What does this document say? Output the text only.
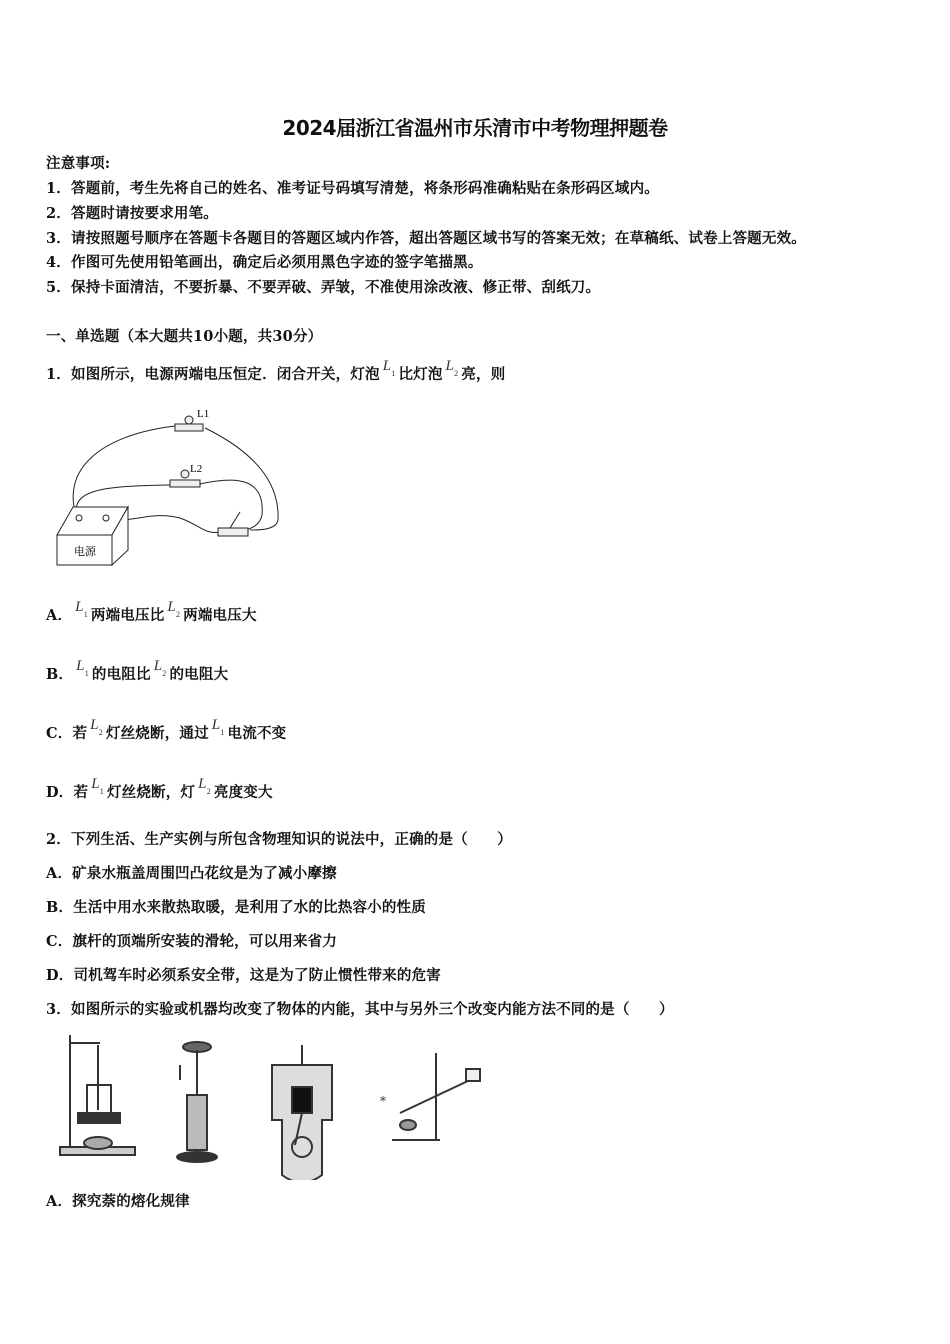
2024届浙江省温州市乐清市中考物理押题卷
注意事项:
1．答题前，考生先将自己的姓名、准考证号码填写清楚，将条形码准确粘贴在条形码区域内。
2．答题时请按要求用笔。
3．请按照题号顺序在答题卡各题目的答题区域内作答，超出答题区域书写的答案无效；在草稿纸、试卷上答题无效。
4．作图可先使用铅笔画出，确定后必须用黑色字迹的签字笔描黑。
5．保持卡面清洁，不要折暴、不要弄破、弄皱，不准使用涂改液、修正带、刮纸刀。
一、单选题（本大题共10小题，共30分）
1．如图所示，电源两端电压恒定．闭合开关，灯泡 $L_1$ 比灯泡 $L_2$ 亮，则
L1
L2
电源
A． $L_1$ 两端电压比 $L_2$ 两端电压大
B． $L_1$ 的电阻比 $L_2$ 的电阻大
C．若 $L_2$ 灯丝烧断，通过 $L_1$ 电流不变
D．若 $L_1$ 灯丝烧断，灯 $L_2$ 亮度变大
2．下列生活、生产实例与所包含物理知识的说法中，正确的是（　　）
A．矿泉水瓶盖周围凹凸花纹是为了减小摩擦
B．生活中用水来散热取暖，是利用了水的比热容小的性质
C．旗杆的顶端所安装的滑轮，可以用来省力
D．司机驾车时必须系安全带，这是为了防止惯性带来的危害
3．如图所示的实验或机器均改变了物体的内能，其中与另外三个改变内能方法不同的是（　　）
*
A．探究萘的熔化规律
